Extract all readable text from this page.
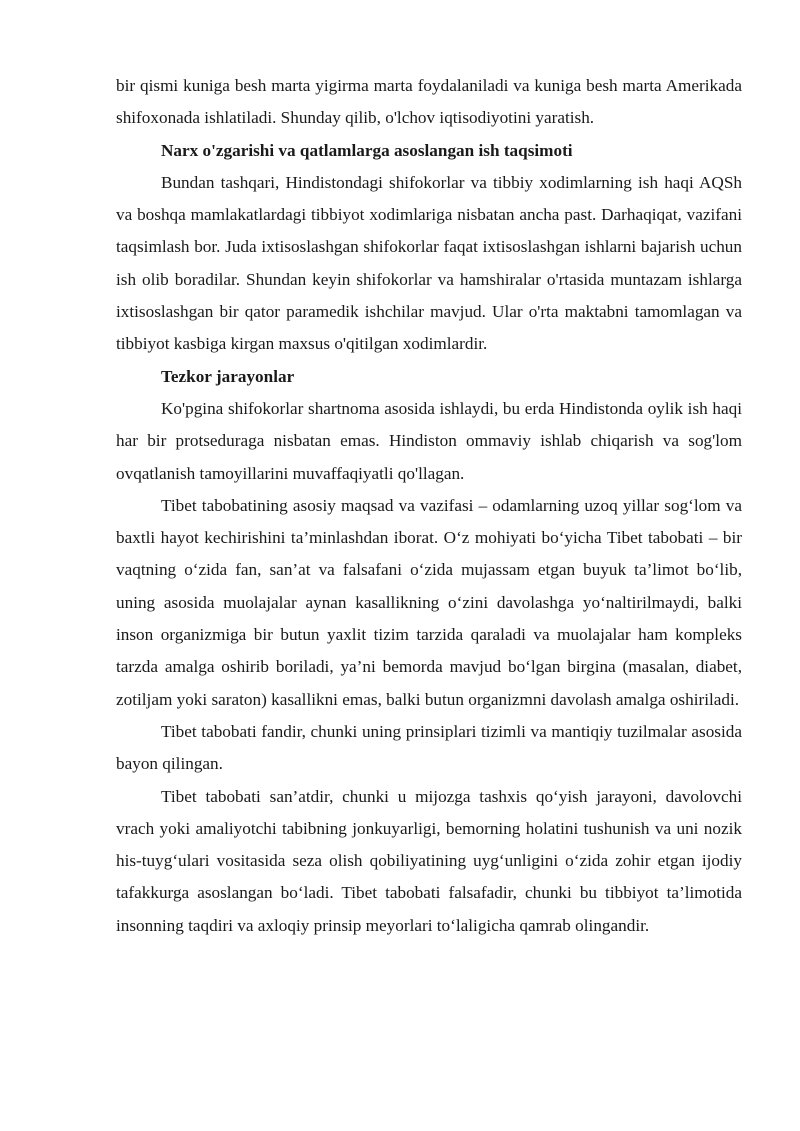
bir qismi kuniga besh marta yigirma marta foydalaniladi va kuniga besh marta Amerikada shifoxonada ishlatiladi. Shunday qilib, o'lchov iqtisodiyotini yaratish.

Narx o'zgarishi va qatlamlarga asoslangan ish taqsimoti

Bundan tashqari, Hindistondagi shifokorlar va tibbiy xodimlarning ish haqi AQSh va boshqa mamlakatlardagi tibbiyot xodimlariga nisbatan ancha past. Darhaqiqat, vazifani taqsimlash bor. Juda ixtisoslashgan shifokorlar faqat ixtisoslashgan ishlarni bajarish uchun ish olib boradilar. Shundan keyin shifokorlar va hamshiralar o'rtasida muntazam ishlarga ixtisoslashgan bir qator paramedik ishchilar mavjud. Ular o'rta maktabni tamomlagan va tibbiyot kasbiga kirgan maxsus o'qitilgan xodimlardir.

Tezkor jarayonlar

Ko'pgina shifokorlar shartnoma asosida ishlaydi, bu erda Hindistonda oylik ish haqi har bir protseduraga nisbatan emas. Hindiston ommaviy ishlab chiqarish va sog'lom ovqatlanish tamoyillarini muvaffaqiyatli qo'llagan.

Tibet tabobatining asosiy maqsad va vazifasi – odamlarning uzoq yillar sog‘lom va baxtli hayot kechirishini ta’minlashdan iborat. O‘z mohiyati bo‘yicha Tibet tabobati – bir vaqtning o‘zida fan, san’at va falsafani o‘zida mujassam etgan buyuk ta’limot bo‘lib, uning asosida muolajalar aynan kasallikning o‘zini davolashga yo‘naltirilmaydi, balki inson organizmiga bir butun yaxlit tizim tarzida qaraladi va muolajalar ham kompleks tarzda amalga oshirib boriladi, ya’ni bemorda mavjud bo‘lgan birgina (masalan, diabet, zotiljam yoki saraton) kasallikni emas, balki butun organizmni davolash amalga oshiriladi.

Tibet tabobati fandir, chunki uning prinsiplari tizimli va mantiqiy tuzilmalar asosida bayon qilingan.

Tibet tabobati san’atdir, chunki u mijozga tashxis qo‘yish jarayoni, davolovchi vrach yoki amaliyotchi tabibning jonkuyarligi, bemorning holatini tushunish va uni nozik his-tuyg‘ulari vositasida seza olish qobiliyatining uyg‘unligini o‘zida zohir etgan ijodiy tafakkurga asoslangan bo‘ladi. Tibet tabobati falsafadir, chunki bu tibbiyot ta’limotida insonning taqdiri va axloqiy prinsip meyorlari to‘laligicha qamrab olingandir.
